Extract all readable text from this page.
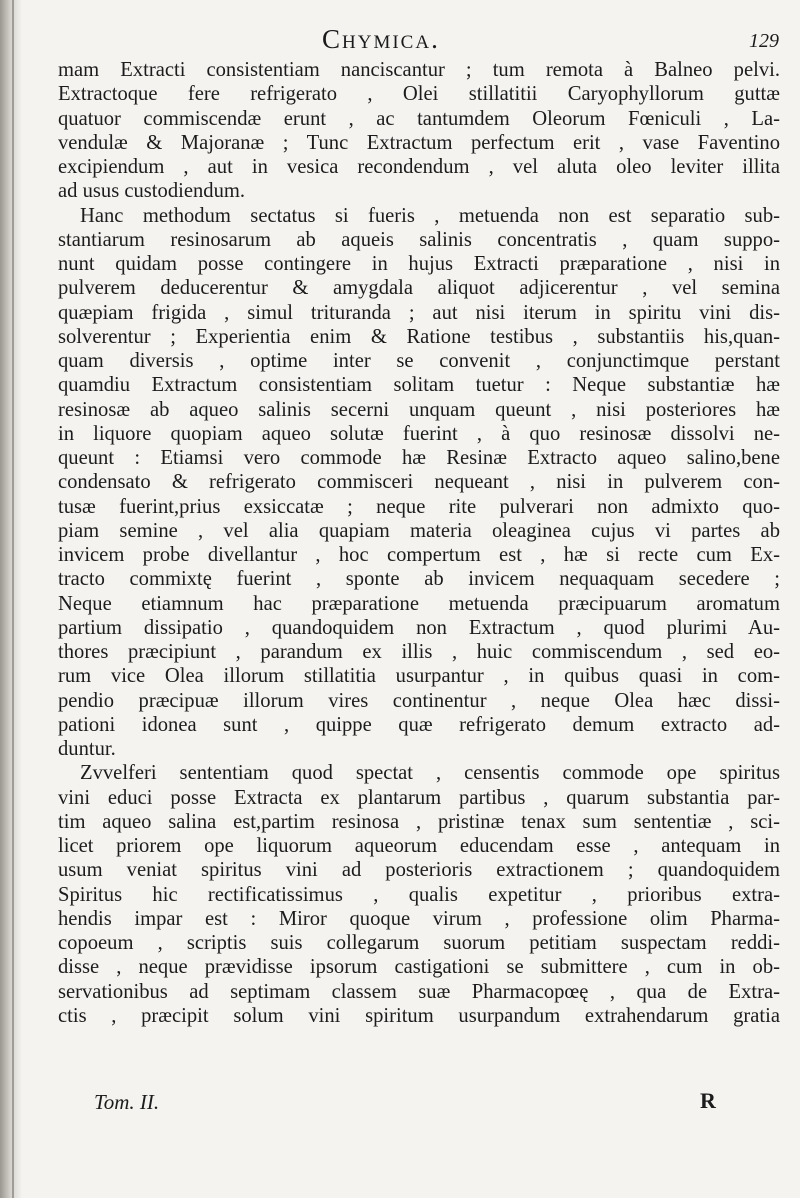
Chymica.	129
mam Extracti consistentiam nanciscantur ; tum remota à Balneo pelvi.
Extractoque fere refrigerato , Olei stillatitii Caryophyllorum guttæ
quatuor commiscendæ erunt , ac tantumdem Oleorum Fœniculi , La-
vendulæ & Majoranæ ; Tunc Extractum perfectum erit , vase Faventino
excipiendum , aut in vesica recondendum , vel aluta oleo leviter illita
ad usus custodiendum.
Hanc methodum sectatus si fueris , metuenda non est separatio sub-
stantiarum resinosarum ab aqueis salinis concentratis , quam suppo-
nunt quidam posse contingere in hujus Extracti præparatione , nisi in
pulverem deducerentur & amygdala aliquot adjicerentur , vel semina
quæpiam frigida , simul trituranda ; aut nisi iterum in spiritu vini dis-
solverentur ; Experientia enim & Ratione testibus , substantiis his,quan-
quam diversis , optime inter se convenit , conjunctimque perstant
quamdiu Extractum consistentiam solitam tuetur : Neque substantiæ hæ
resinosæ ab aqueo salinis secerni unquam queunt , nisi posteriores hæ
in liquore quopiam aqueo solutæ fuerint , à quo resinosæ dissolvi ne-
queunt : Etiamsi vero commode hæ Resinæ Extracto aqueo salino,bene
condensato & refrigerato commisceri nequeant , nisi in pulverem con-
tusæ fuerint,prius exsiccatæ ; neque rite pulverari non admixto quo-
piam semine , vel alia quapiam materia oleaginea cujus vi partes ab
invicem probe divellantur , hoc compertum est , hæ si recte cum Ex-
tracto commixtę fuerint , sponte ab invicem nequaquam secedere ;
Neque etiamnum hac præparatione metuenda præcipuarum aromatum
partium dissipatio , quandoquidem non Extractum , quod plurimi Au-
thores præcipiunt , parandum ex illis , huic commiscendum , sed eo-
rum vice Olea illorum stillatitia usurpantur , in quibus quasi in com-
pendio præcipuæ illorum vires continentur , neque Olea hæc dissi-
pationi idonea sunt , quippe quæ refrigerato demum extracto ad-
duntur.
Zvvelferi sententiam quod spectat , censentis commode ope spiritus
vini educi posse Extracta ex plantarum partibus , quarum substantia par-
tim aqueo salina est,partim resinosa , pristinæ tenax sum sententiæ , sci-
licet priorem ope liquorum aqueorum educendam esse , antequam in
usum veniat spiritus vini ad posterioris extractionem ; quandoquidem
Spiritus hic rectificatissimus , qualis expetitur , prioribus extra-
hendis impar est : Miror quoque virum , professione olim Pharma-
copoeum , scriptis suis collegarum suorum petitiam suspectam reddi-
disse , neque prævidisse ipsorum castigationi se submittere , cum in ob-
servationibus ad septimam classem suæ Pharmacopœę , qua de Extra-
ctis , præcipit solum vini spiritum usurpandum extrahendarum gratia
Tom. II.	R
